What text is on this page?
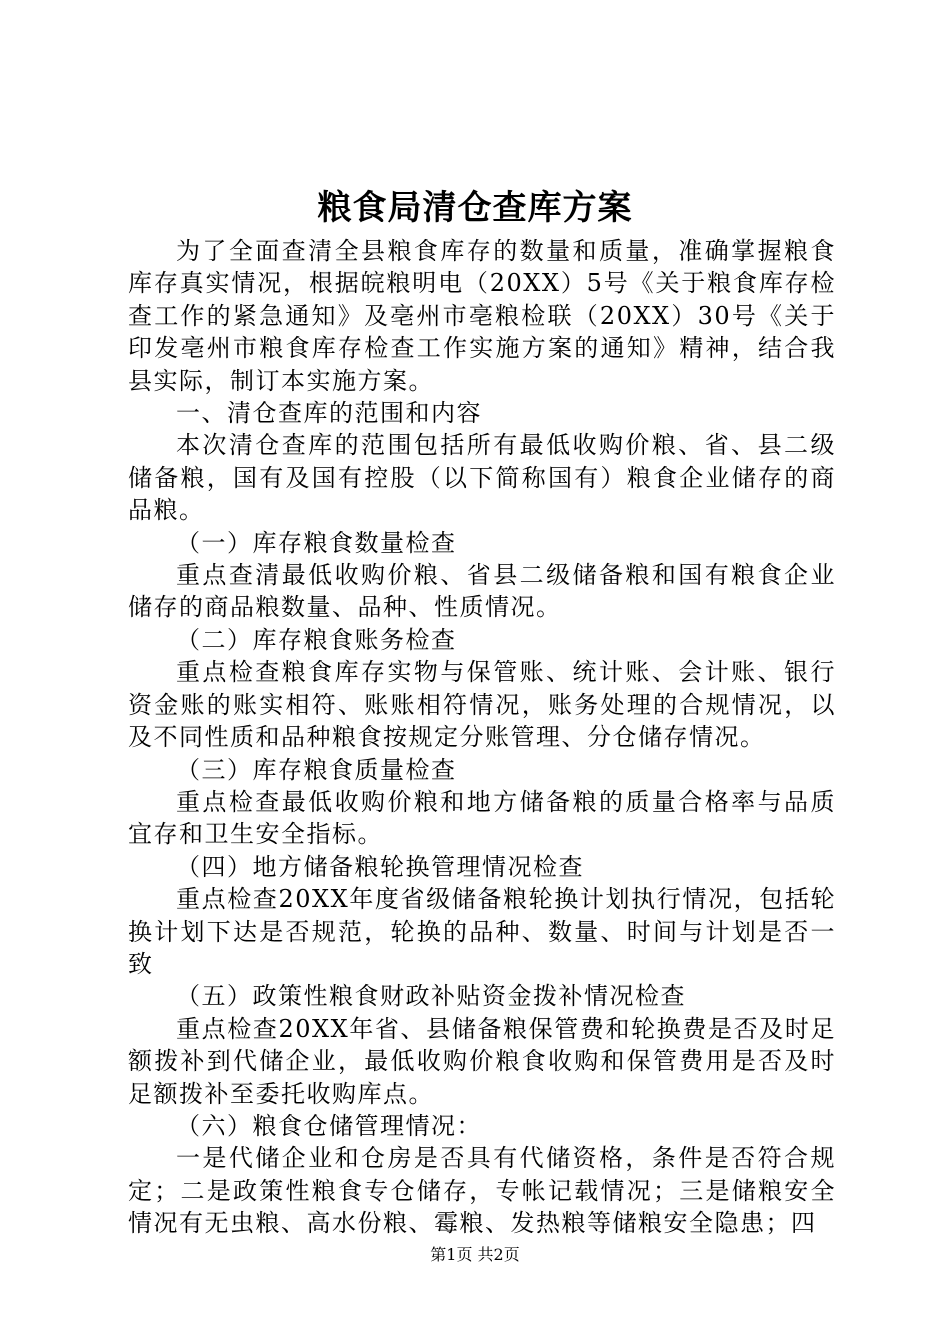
粮食局清仓查库方案

为了全面查清全县粮食库存的数量和质量，准确掌握粮食库存真实情况，根据皖粮明电（20XX）5号《关于粮食库存检查工作的紧急通知》及亳州市亳粮检联（20XX）30号《关于印发亳州市粮食库存检查工作实施方案的通知》精神，结合我县实际，制订本实施方案。

一、清仓查库的范围和内容

本次清仓查库的范围包括所有最低收购价粮、省、县二级储备粮，国有及国有控股（以下简称国有）粮食企业储存的商品粮。

（一）库存粮食数量检查

重点查清最低收购价粮、省县二级储备粮和国有粮食企业储存的商品粮数量、品种、性质情况。

（二）库存粮食账务检查

重点检查粮食库存实物与保管账、统计账、会计账、银行资金账的账实相符、账账相符情况，账务处理的合规情况，以及不同性质和品种粮食按规定分账管理、分仓储存情况。

（三）库存粮食质量检查

重点检查最低收购价粮和地方储备粮的质量合格率与品质宜存和卫生安全指标。

（四）地方储备粮轮换管理情况检查

重点检查20XX年度省级储备粮轮换计划执行情况，包括轮换计划下达是否规范，轮换的品种、数量、时间与计划是否一致

（五）政策性粮食财政补贴资金拨补情况检查

重点检查20XX年省、县储备粮保管费和轮换费是否及时足额拨补到代储企业，最低收购价粮食收购和保管费用是否及时足额拨补至委托收购库点。

（六）粮食仓储管理情况：

一是代储企业和仓房是否具有代储资格，条件是否符合规定；二是政策性粮食专仓储存，专帐记载情况；三是储粮安全情况有无虫粮、高水份粮、霉粮、发热粮等储粮安全隐患；四

第1页 共2页
